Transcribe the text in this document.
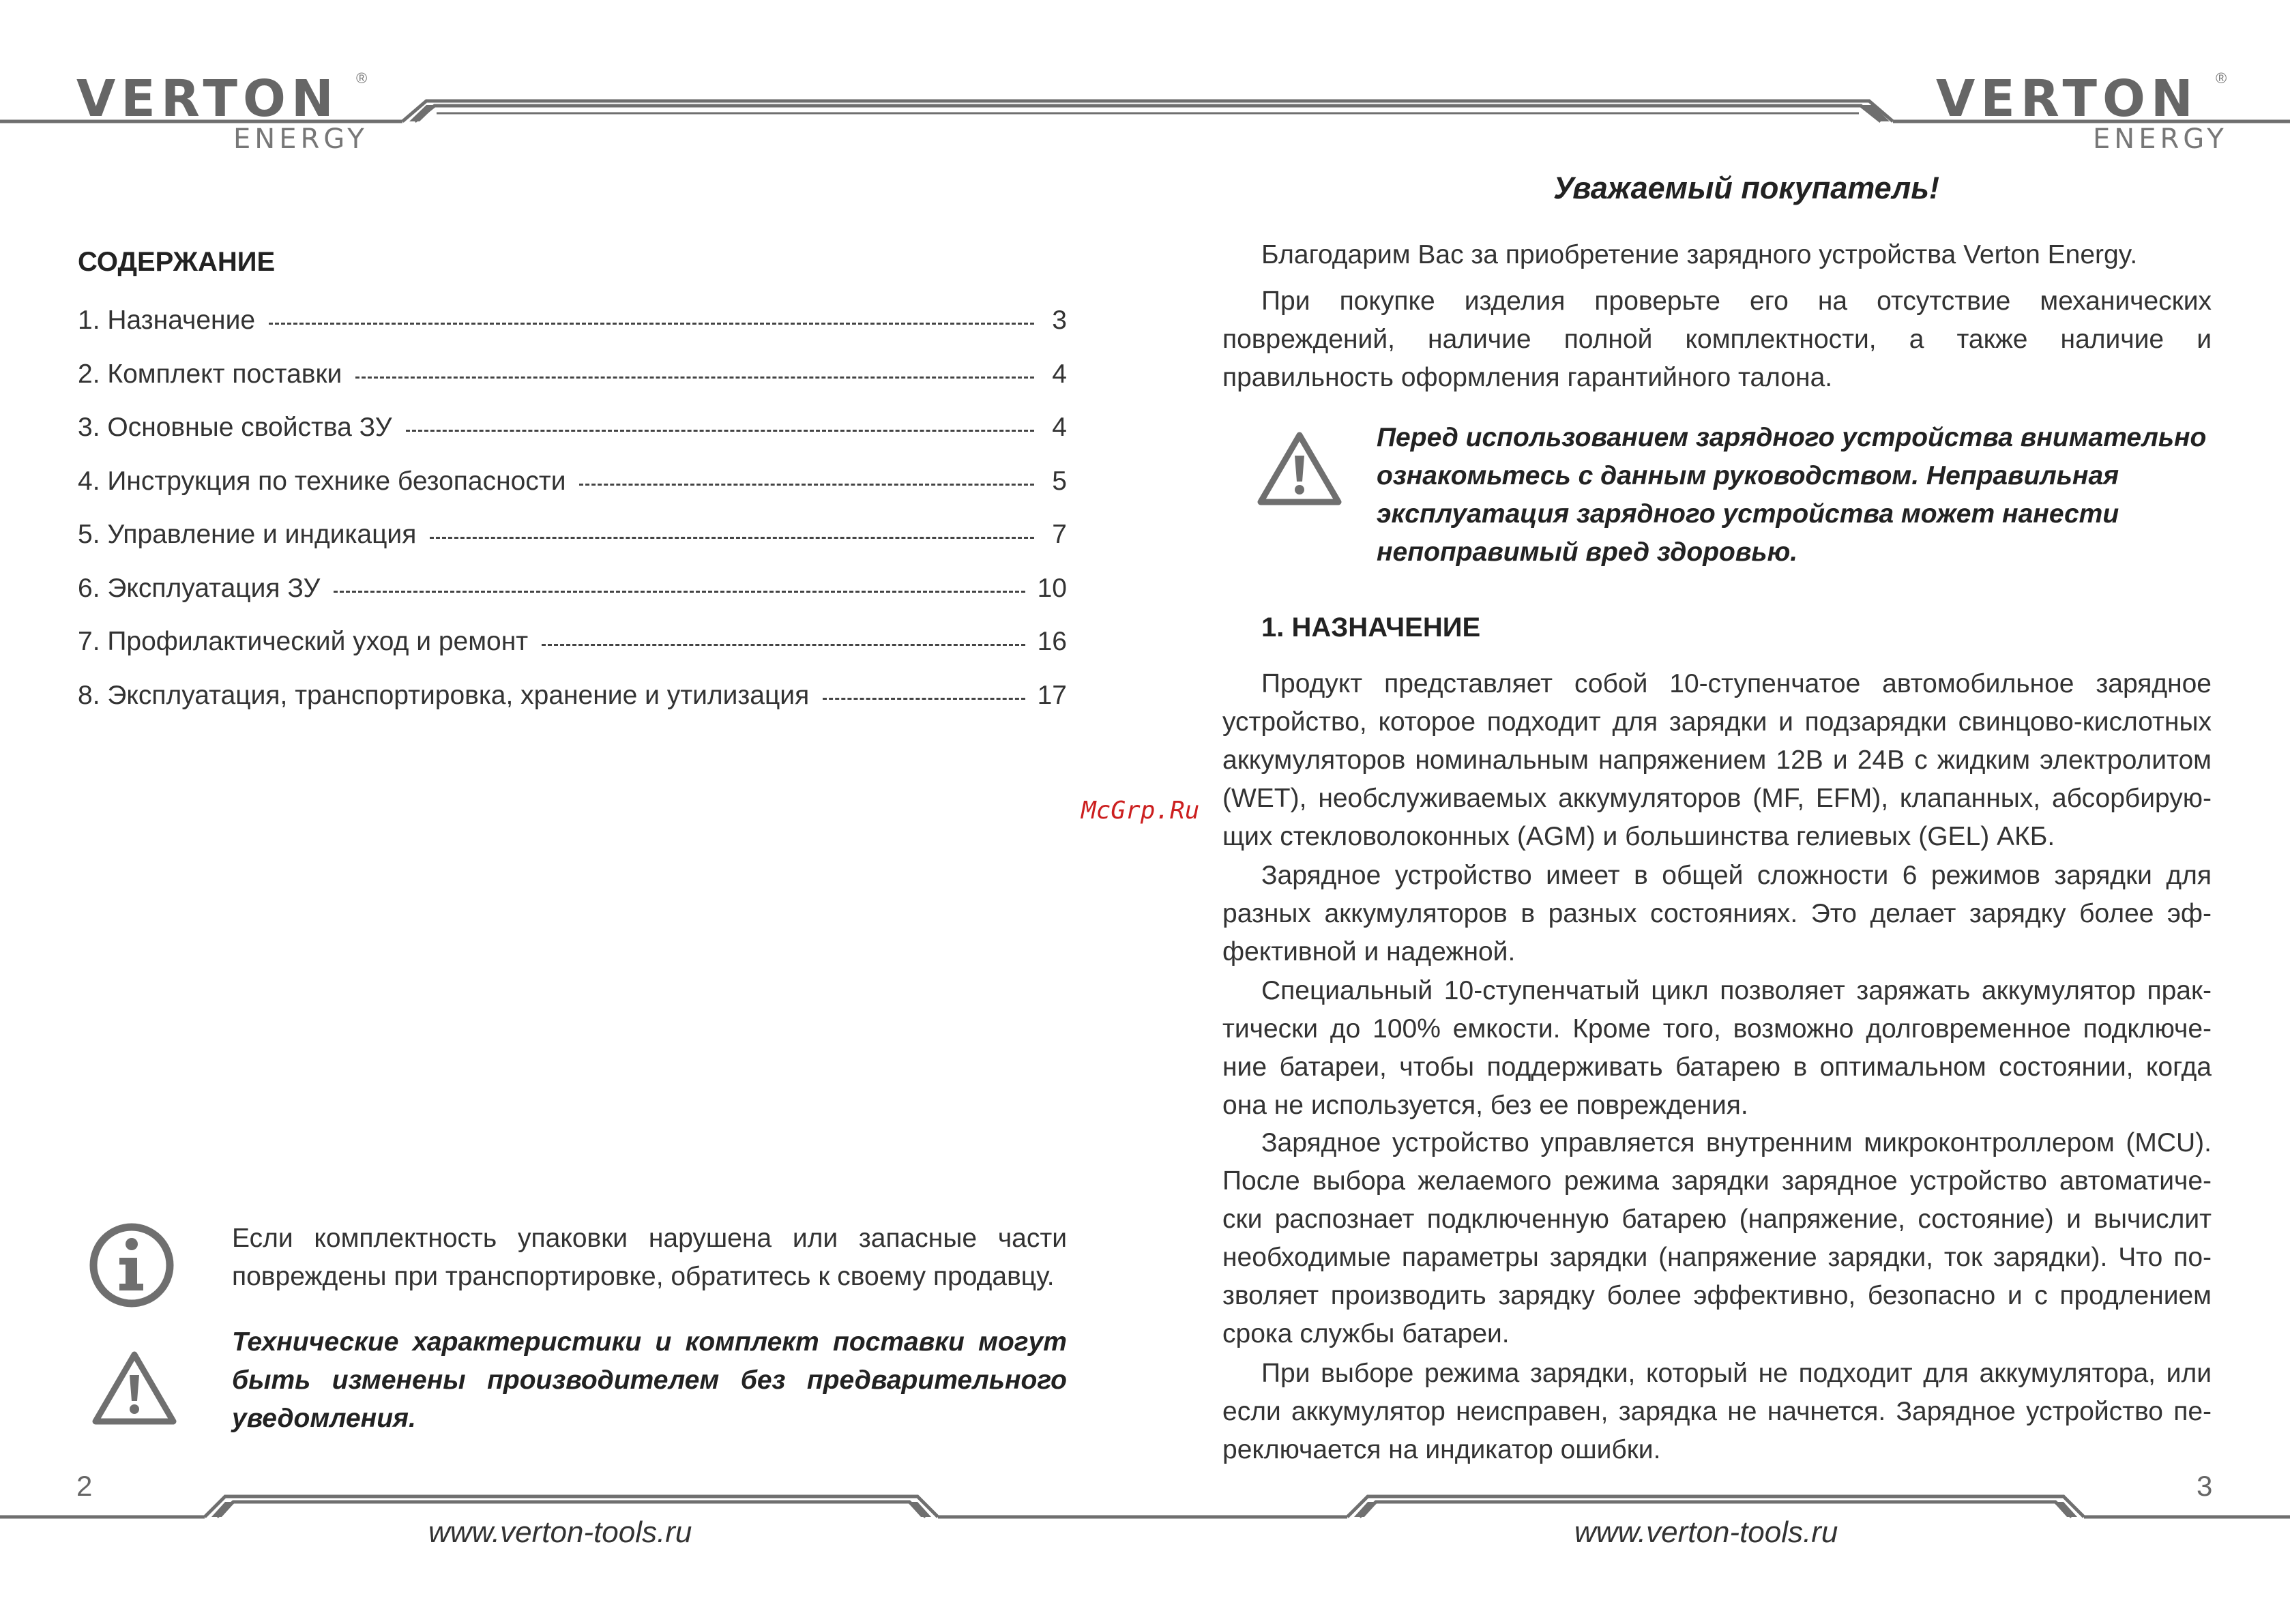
VERTON ®
ENERGY
VERTON ®
ENERGY
СОДЕРЖАНИЕ
1. Назначение	3
2. Комплект поставки	4
3. Основные свойства ЗУ	4
4. Инструкция по технике безопасности	5
5. Управление и индикация	7
6. Эксплуатация ЗУ	10
7. Профилактический уход и ремонт	16
8. Эксплуатация, транспортировка, хранение и утилизация	17
Если комплектность упаковки нарушена или запасные части повреждены при транспортировке, обратитесь к своему продавцу.
Технические характеристики и комплект поставки могут быть изменены производителем без предварительного уведомления.
2
www.verton-tools.ru
McGrp.Ru
Уважаемый покупатель!
Благодарим Вас за приобретение зарядного устройства Verton Energy.
При покупке изделия проверьте его на отсутствие механических повреждений, наличие полной комплектности, а также наличие и правильность оформления гарантийного талона.
Перед использованием зарядного устройства внимательно ознакомьтесь с данным руководством. Неправильная эксплуатация зарядного устройства может нанести непоправимый вред здоровью.
1. НАЗНАЧЕНИЕ
Продукт представляет собой 10-ступенчатое автомобильное зарядное устройство, которое подходит для зарядки и подзарядки свинцово-кислотных аккумуляторов номинальным напряжением 12В и 24В с жидким электролитом (WET), необслуживаемых аккумуляторов (MF, EFM), клапанных, абсорбирую-щих стекловолоконных (AGM) и большинства гелиевых (GEL) АКБ.
Зарядное устройство имеет в общей сложности 6 режимов зарядки для разных аккумуляторов в разных состояниях. Это делает зарядку более эф-фективной и надежной.
Специальный 10-ступенчатый цикл позволяет заряжать аккумулятор прак-тически до 100% емкости. Кроме того, возможно долговременное подключе-ние батареи, чтобы поддерживать батарею в оптимальном состоянии, когда она не используется, без ее повреждения.
Зарядное устройство управляется внутренним микроконтроллером (MCU). После выбора желаемого режима зарядки зарядное устройство автоматиче-ски распознает подключенную батарею (напряжение, состояние) и вычислит необходимые параметры зарядки (напряжение зарядки, ток зарядки). Что по-зволяет производить зарядку более эффективно, безопасно и с продлением срока службы батареи.
При выборе режима зарядки, который не подходит для аккумулятора, или если аккумулятор неисправен, зарядка не начнется. Зарядное устройство пе-реключается на индикатор ошибки.
3
www.verton-tools.ru
